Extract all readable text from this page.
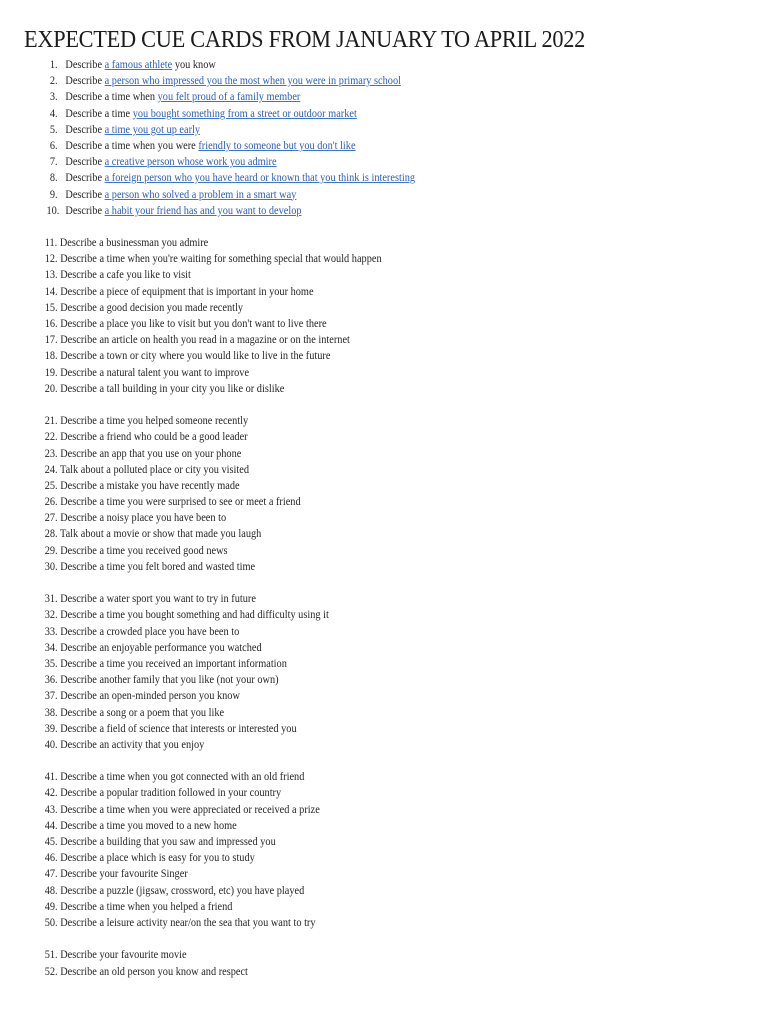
EXPECTED CUE CARDS FROM JANUARY TO APRIL 2022
1. Describe a famous athlete you know
2. Describe a person who impressed you the most when you were in primary school
3. Describe a time when you felt proud of a family member
4. Describe a time you bought something from a street or outdoor market
5. Describe a time you got up early
6. Describe a time when you were friendly to someone but you don't like
7. Describe a creative person whose work you admire
8. Describe a foreign person who you have heard or known that you think is interesting
9. Describe a person who solved a problem in a smart way
10. Describe a habit your friend has and you want to develop
11. Describe a businessman you admire
12. Describe a time when you're waiting for something special that would happen
13. Describe a cafe you like to visit
14. Describe a piece of equipment that is important in your home
15. Describe a good decision you made recently
16. Describe a place you like to visit but you don't want to live there
17. Describe an article on health you read in a magazine or on the internet
18. Describe a town or city where you would like to live in the future
19. Describe a natural talent you want to improve
20. Describe a tall building in your city you like or dislike
21. Describe a time you helped someone recently
22. Describe a friend who could be a good leader
23. Describe an app that you use on your phone
24. Talk about a polluted place or city you visited
25. Describe a mistake you have recently made
26. Describe a time you were surprised to see or meet a friend
27. Describe a noisy place you have been to
28. Talk about a movie or show that made you laugh
29. Describe a time you received good news
30. Describe a time you felt bored and wasted time
31. Describe a water sport you want to try in future
32. Describe a time you bought something and had difficulty using it
33. Describe a crowded place you have been to
34. Describe an enjoyable performance you watched
35. Describe a time you received an important information
36. Describe another family that you like (not your own)
37. Describe an open-minded person you know
38. Describe a song or a poem that you like
39. Describe a field of science that interests or interested you
40. Describe an activity that you enjoy
41. Describe a time when you got connected with an old friend
42. Describe a popular tradition followed in your country
43. Describe a time when you were appreciated or received a prize
44. Describe a time you moved to a new home
45. Describe a building that you saw and impressed you
46. Describe a place which is easy for you to study
47. Describe your favourite Singer
48. Describe a puzzle (jigsaw, crossword, etc) you have played
49. Describe a time when you helped a friend
50. Describe a leisure activity near/on the sea that you want to try
51. Describe your favourite movie
52. Describe an old person you know and respect
